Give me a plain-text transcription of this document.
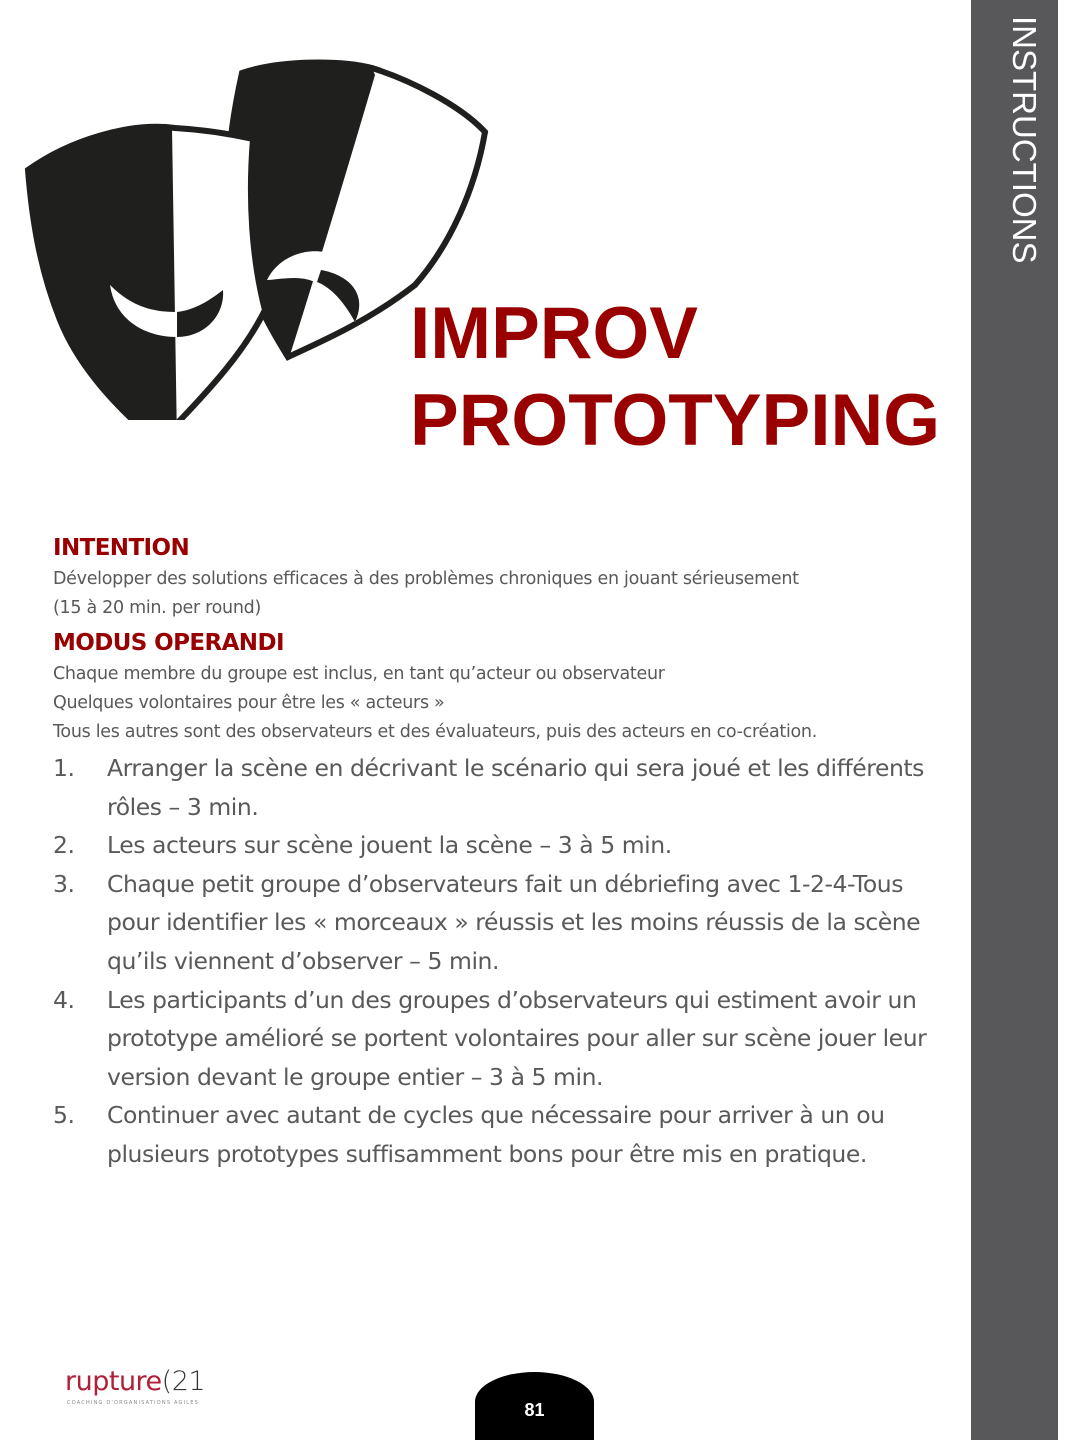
INSTRUCTIONS
IMPROV
PROTOTYPING
INTENTION

Développer des solutions efficaces à des problèmes chroniques en jouant sérieusement

(15 à 20 min. per round)

MODUS OPERANDI

Chaque membre du groupe est inclus, en tant qu’acteur ou observateur

Quelques volontaires pour être les « acteurs »

Tous les autres sont des observateurs et des évaluateurs, puis des acteurs en co-création.

1.	Arranger la scène en décrivant le scénario qui sera joué et les différents rôles – 3 min.
2.	Les acteurs sur scène jouent la scène – 3 à 5 min.
3.	Chaque petit groupe d’observateurs fait un débriefing avec 1-2-4-Tous pour identifier les « morceaux » réussis et les moins réussis de la scène qu’ils viennent d’observer – 5 min.
4.	Les participants d’un des groupes d’observateurs qui estiment avoir un prototype amélioré se portent volontaires pour aller sur scène jouer leur version devant le groupe entier – 3 à 5 min.
5.	Continuer avec autant de cycles que nécessaire pour arriver à un ou plusieurs prototypes suffisamment bons pour être mis en pratique.
rupture(21
COACHING D'ORGANISATIONS AGILES	81
